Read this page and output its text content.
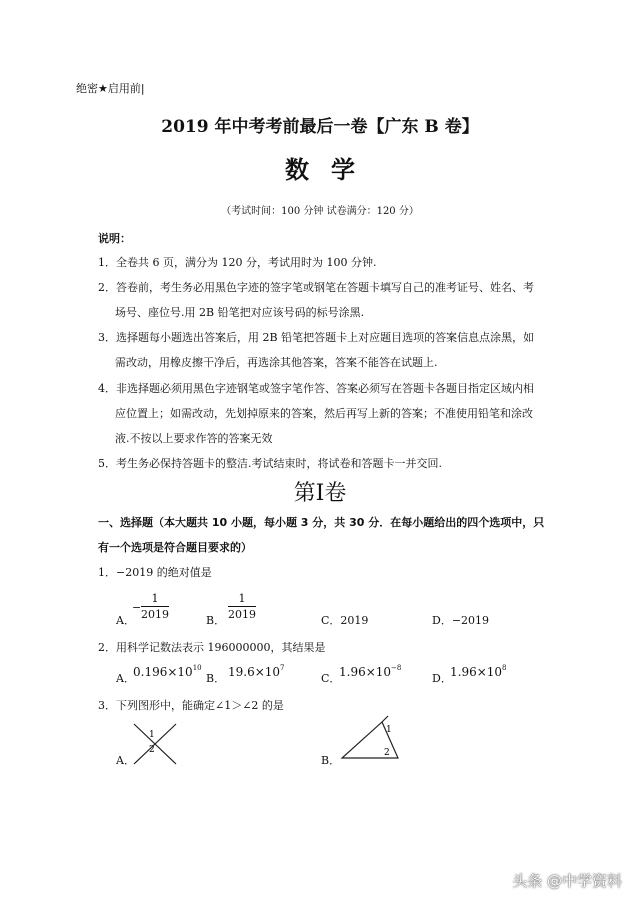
绝密★启用前|
2019 年中考考前最后一卷【广东 B 卷】
数学
（考试时间：100 分钟 试卷满分：120 分）
说明：
1．全卷共 6 页，满分为 120 分，考试用时为 100 分钟.
2．答卷前，考生务必用黑色字迹的签字笔或钢笔在答题卡填写自己的准考证号、姓名、考
场号、座位号.用 2B 铅笔把对应该号码的标号涂黑.
3．选择题每小题选出答案后，用 2B 铅笔把答题卡上对应题目选项的答案信息点涂黑，如
需改动，用橡皮擦干净后，再选涂其他答案，答案不能答在试题上.
4．非选择题必须用黑色字迹钢笔或签字笔作答、答案必须写在答题卡各题目指定区域内相
应位置上；如需改动，先划掉原来的答案，然后再写上新的答案；不准使用铅笔和涂改
液.不按以上要求作答的答案无效
5．考生务必保持答题卡的整洁.考试结束时，将试卷和答题卡一并交回.
第Ⅰ卷
一、选择题（本大题共 10 小题，每小题 3 分，共 30 分．在每小题给出的四个选项中，只
有一个选项是符合题目要求的）
1．−2019 的绝对值是
A．
− $\frac{1}{2019}$	B． $\frac{1}{2019}$	C．2019	D．−2019
2．用科学记数法表示 196000000，其结果是
A．
$0.196\times 10^{10}$
B． $19.6\times 10^7$
C．
$1.96\times 10^{-8}$
D．
$1.96\times 10^8$
3．下列图形中，能确定∠1＞∠2 的是
A．
1
2
B．
1
2
头条 @中学资料
